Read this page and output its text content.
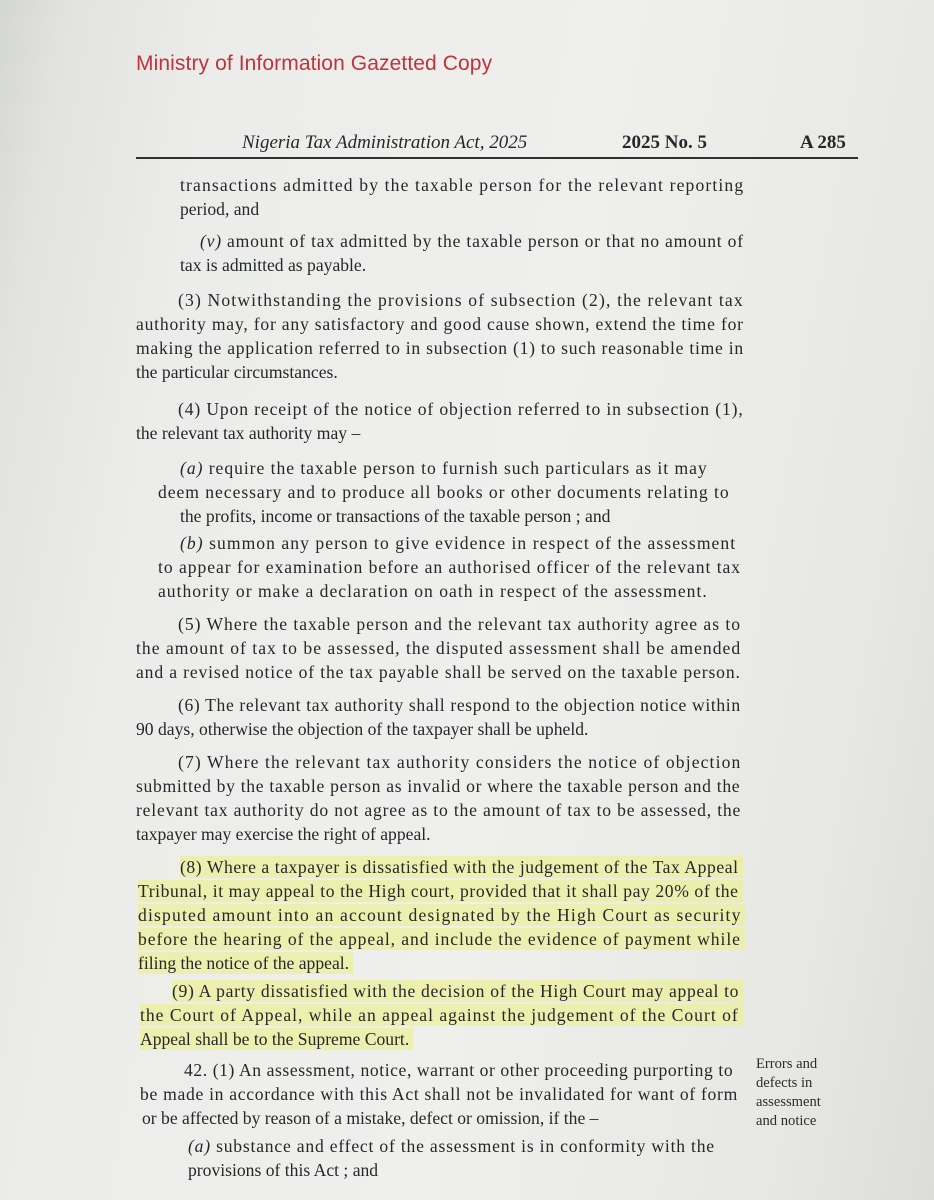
Ministry of Information Gazetted Copy
Nigeria Tax Administration Act, 2025	2025 No. 5	A 285
transactions admitted by the taxable person for the relevant reporting
period, and
(v) amount of tax admitted by the taxable person or that no amount of
tax is admitted as payable.
(3) Notwithstanding the provisions of subsection (2), the relevant tax
authority may, for any satisfactory and good cause shown, extend the time for
making the application referred to in subsection (1) to such reasonable time in
the particular circumstances.
(4) Upon receipt of the notice of objection referred to in subsection (1),
the relevant tax authority may –
(a) require the taxable person to furnish such particulars as it may
deem necessary and to produce all books or other documents relating to
the profits, income or transactions of the taxable person ; and
(b) summon any person to give evidence in respect of the assessment
to appear for examination before an authorised officer of the relevant tax
authority or make a declaration on oath in respect of the assessment.
(5) Where the taxable person and the relevant tax authority agree as to
the amount of tax to be assessed, the disputed assessment shall be amended
and a revised notice of the tax payable shall be served on the taxable person.
(6) The relevant tax authority shall respond to the objection notice within
90 days, otherwise the objection of the taxpayer shall be upheld.
(7) Where the relevant tax authority considers the notice of objection
submitted by the taxable person as invalid or where the taxable person and the
relevant tax authority do not agree as to the amount of tax to be assessed, the
taxpayer may exercise the right of appeal.
(8) Where a taxpayer is dissatisfied with the judgement of the Tax Appeal
Tribunal, it may appeal to the High court, provided that it shall pay 20% of the
disputed amount into an account designated by the High Court as security
before the hearing of the appeal, and include the evidence of payment while
filing the notice of the appeal.
(9) A party dissatisfied with the decision of the High Court may appeal to
the Court of Appeal, while an appeal against the judgement of the Court of
Appeal shall be to the Supreme Court.
42. (1) An assessment, notice, warrant or other proceeding purporting to
be made in accordance with this Act shall not be invalidated for want of form
or be affected by reason of a mistake, defect or omission, if the –
(a) substance and effect of the assessment is in conformity with the
provisions of this Act ; and
Errors and
defects in
assessment
and notice
